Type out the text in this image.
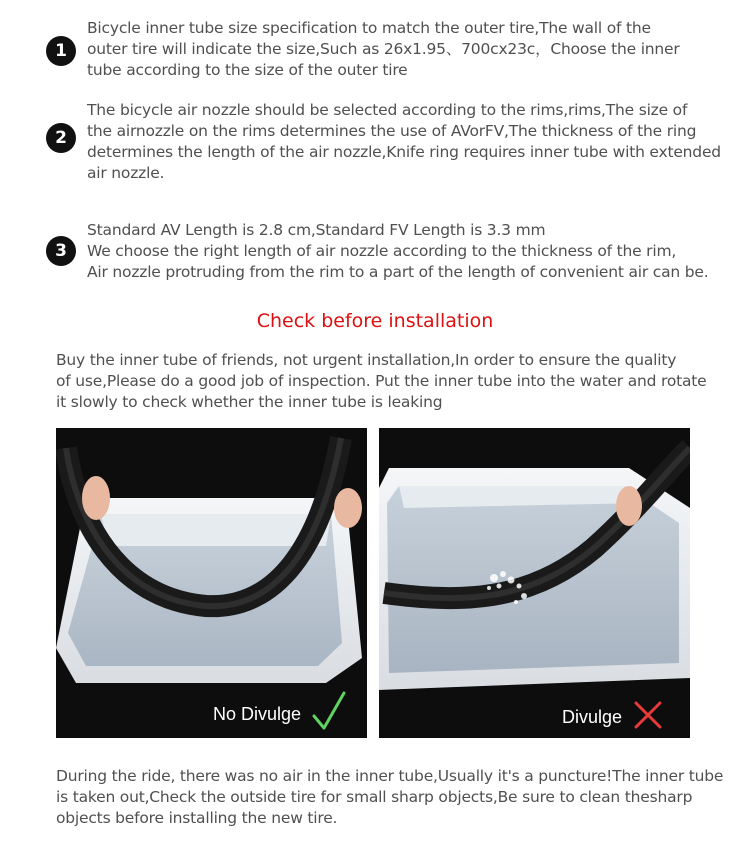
1
Bicycle inner tube size specification to match the outer tire,The wall of the
outer tire will indicate the size,Such as 26x1.95、700cx23c，Choose the inner
tube according to the size of the outer tire
2
The bicycle air nozzle should be selected according to the rims,rims,The size of
the airnozzle on the rims determines the use of AVorFV,The thickness of the ring
determines the length of the air nozzle,Knife ring requires inner tube with extended
air nozzle.
3
Standard AV Length is 2.8 cm,Standard FV Length is 3.3 mm
We choose the right length of air nozzle according to the thickness of the rim,
Air nozzle protruding from the rim to a part of the length of convenient air can be.
Check before installation
Buy the inner tube of friends, not urgent installation,In order to ensure the quality
of use,Please do a good job of inspection. Put the inner tube into the water and rotate
it slowly to check whether the inner tube is leaking
No Divulge	Divulge
During the ride, there was no air in the inner tube,Usually it's a puncture!The inner tube
is taken out,Check the outside tire for small sharp objects,Be sure to clean thesharp
objects before installing the new tire.
